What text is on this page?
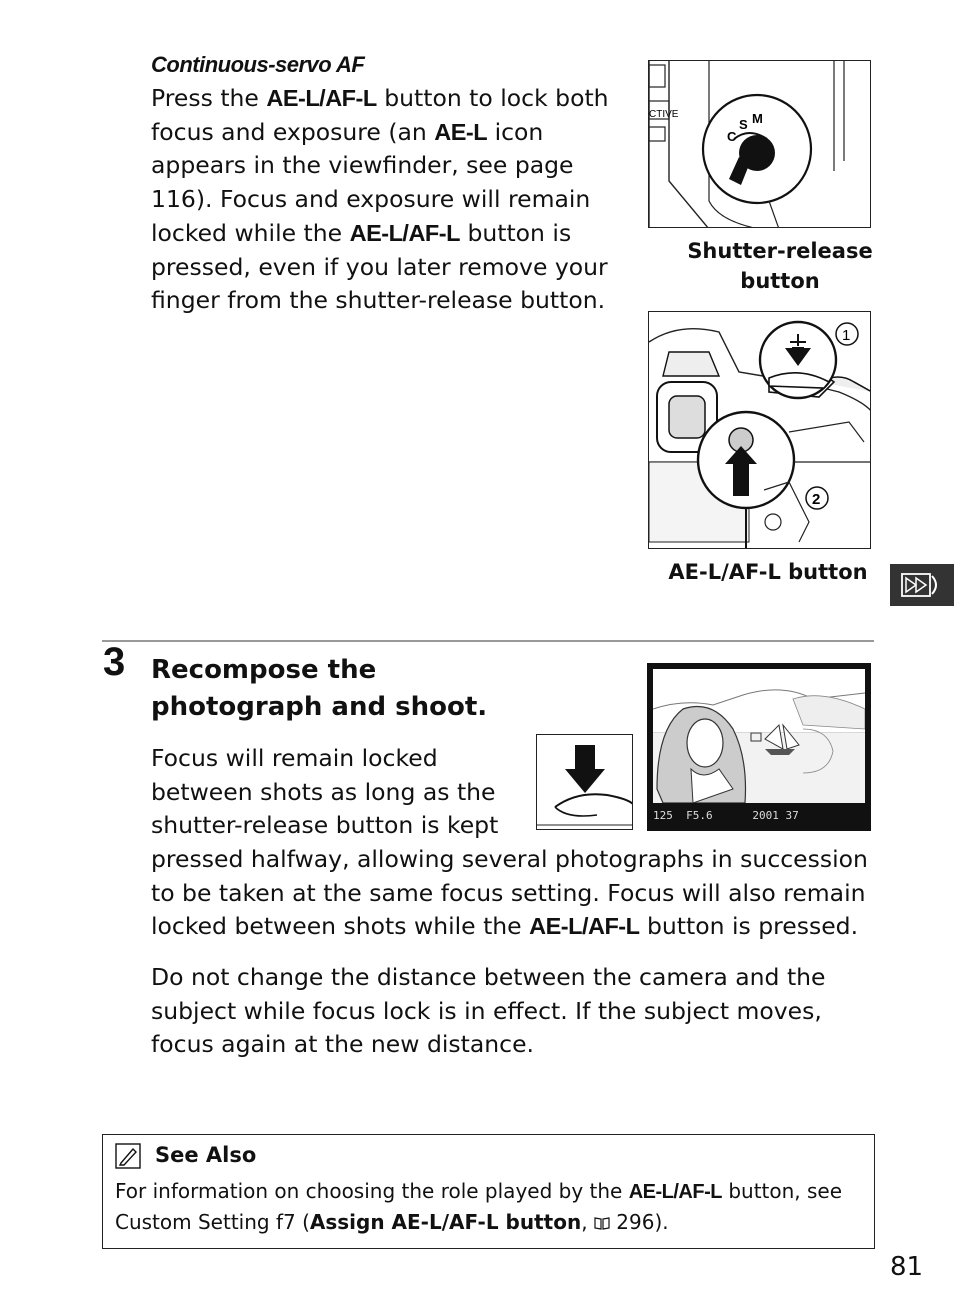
Continuous-servo AF
Press the AE-L/AF-L button to lock both focus and exposure (an AE-L icon appears in the viewfinder, see page 116). Focus and exposure will remain locked while the AE-L/AF-L button is pressed, even if you later remove your finger from the shutter-release button.
CTIVE
C
S M
Shutter-release button
1
2
AE-L/AF-L button
3 Recompose the
photograph and shoot.
Focus will remain locked
between shots as long as the
shutter-release button is kept
pressed halfway, allowing several photographs in succession to be taken at the same focus setting. Focus will also remain locked between shots while the AE-L/AF-L button is pressed.
Do not change the distance between the camera and the subject while focus lock is in effect. If the subject moves, focus again at the new distance.
125  F5.6      2001 37
See Also
For information on choosing the role played by the AE-L/AF-L button, see Custom Setting f7 (Assign AE-L/AF-L button,  296).
81
